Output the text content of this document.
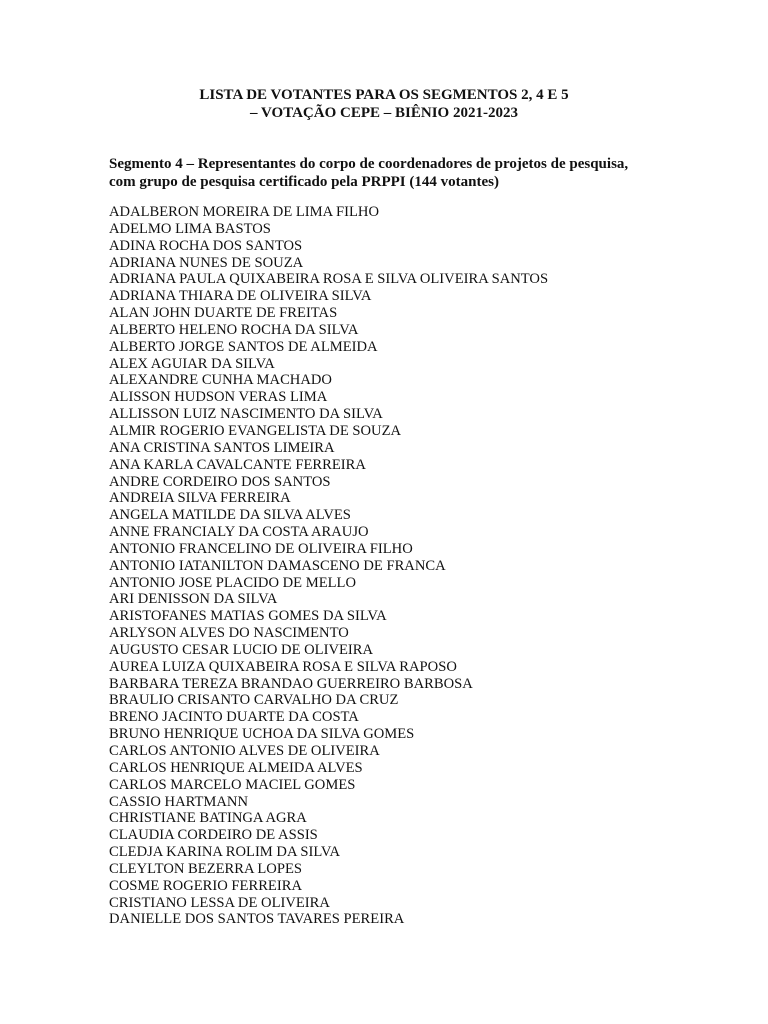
LISTA DE VOTANTES PARA OS SEGMENTOS 2, 4 E 5
– VOTAÇÃO CEPE – BIÊNIO 2021-2023
Segmento 4 – Representantes do corpo de coordenadores de projetos de pesquisa,
com grupo de pesquisa certificado pela PRPPI (144 votantes)
ADALBERON MOREIRA DE LIMA FILHO
ADELMO LIMA BASTOS
ADINA ROCHA DOS SANTOS
ADRIANA NUNES DE SOUZA
ADRIANA PAULA QUIXABEIRA ROSA E SILVA OLIVEIRA SANTOS
ADRIANA THIARA DE OLIVEIRA SILVA
ALAN JOHN DUARTE DE FREITAS
ALBERTO HELENO ROCHA DA SILVA
ALBERTO JORGE SANTOS DE ALMEIDA
ALEX AGUIAR DA SILVA
ALEXANDRE CUNHA MACHADO
ALISSON HUDSON VERAS LIMA
ALLISSON LUIZ NASCIMENTO DA SILVA
ALMIR ROGERIO EVANGELISTA DE SOUZA
ANA CRISTINA SANTOS LIMEIRA
ANA KARLA CAVALCANTE FERREIRA
ANDRE CORDEIRO DOS SANTOS
ANDREIA SILVA FERREIRA
ANGELA MATILDE DA SILVA ALVES
ANNE FRANCIALY DA COSTA ARAUJO
ANTONIO FRANCELINO DE OLIVEIRA FILHO
ANTONIO IATANILTON DAMASCENO DE FRANCA
ANTONIO JOSE PLACIDO DE MELLO
ARI DENISSON DA SILVA
ARISTOFANES MATIAS GOMES DA SILVA
ARLYSON ALVES DO NASCIMENTO
AUGUSTO CESAR LUCIO DE OLIVEIRA
AUREA LUIZA QUIXABEIRA ROSA E SILVA RAPOSO
BARBARA TEREZA BRANDAO GUERREIRO BARBOSA
BRAULIO CRISANTO CARVALHO DA CRUZ
BRENO JACINTO DUARTE DA COSTA
BRUNO HENRIQUE UCHOA DA SILVA GOMES
CARLOS ANTONIO ALVES DE OLIVEIRA
CARLOS HENRIQUE ALMEIDA ALVES
CARLOS MARCELO MACIEL GOMES
CASSIO HARTMANN
CHRISTIANE BATINGA AGRA
CLAUDIA CORDEIRO DE ASSIS
CLEDJA KARINA ROLIM DA SILVA
CLEYLTON BEZERRA LOPES
COSME ROGERIO FERREIRA
CRISTIANO LESSA DE OLIVEIRA
DANIELLE DOS SANTOS TAVARES PEREIRA
